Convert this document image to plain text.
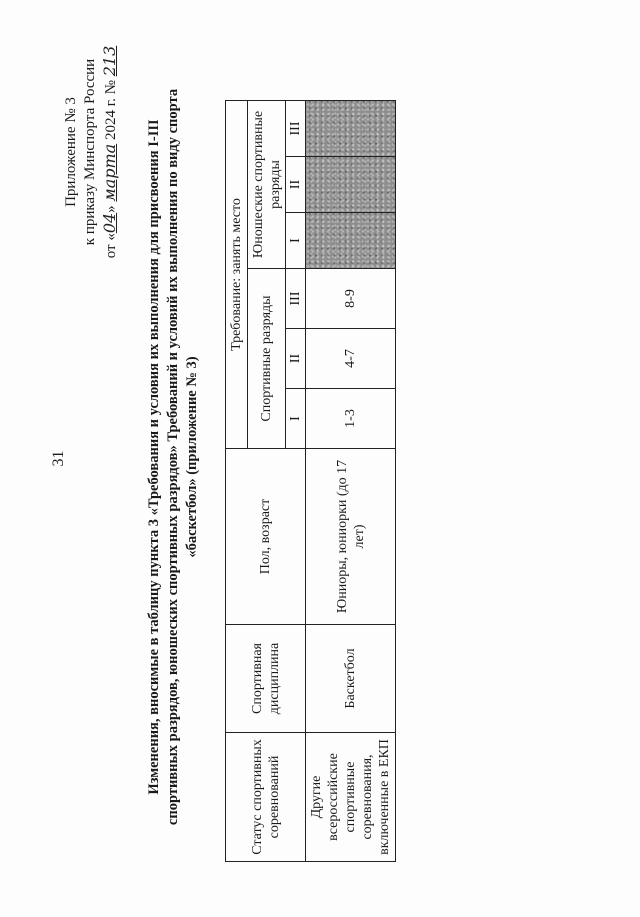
31
Приложение № 3 к приказу Минспорта России
от «04» марта 2024 г. № 213
Изменения, вносимые в таблицу пункта 3 «Требования и условия их выполнения для присвоения I-III спортивных разрядов, юношеских спортивных разрядов» Требований и условий их выполнения по виду спорта «баскетбол» (приложение № 3)
Статус спортивных соревнований	Спортивная дисциплина	Пол, возраст	Требование: занять место					
			Спортивные разряды			Юношеские спортивные разряды		
			I	II	III	I	II	III
Другие всероссийские спортивные соревнования, включенные в ЕКП	Баскетбол	Юниоры, юниорки (до 17 лет)	1-3	4-7	8-9			
